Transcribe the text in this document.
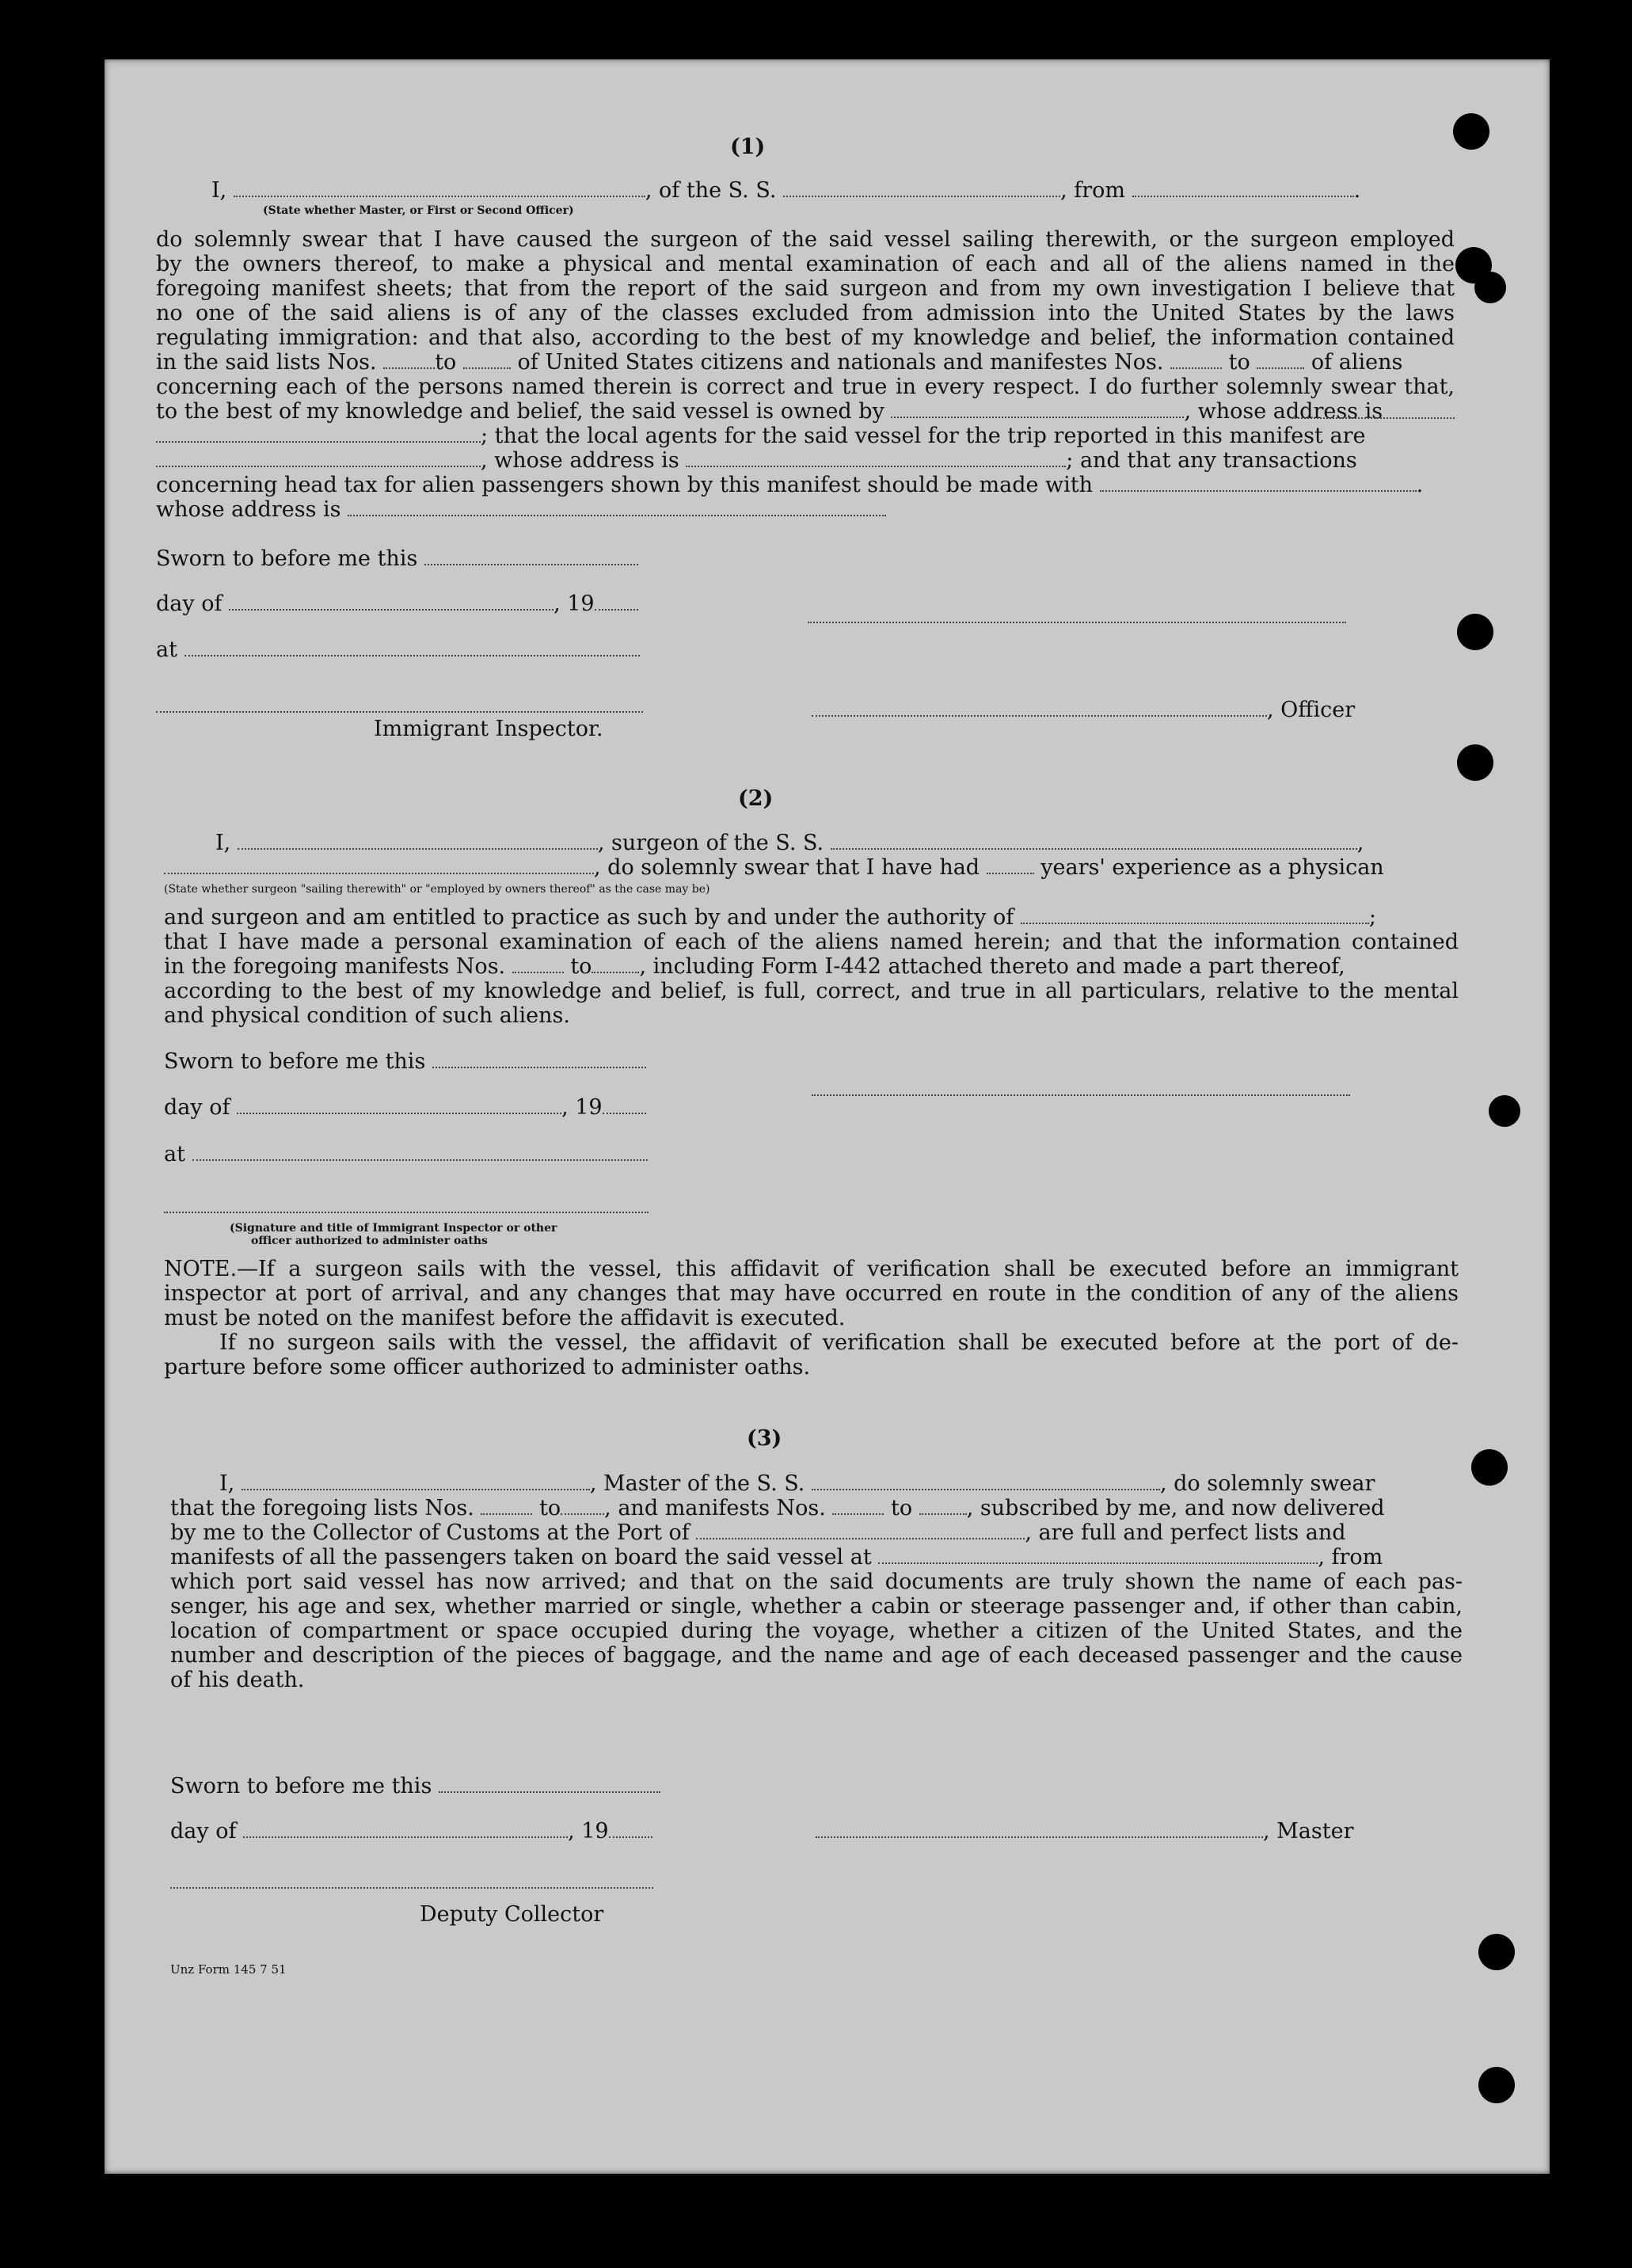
(1)
I,	, of the S. S.	, from	.
(State whether Master, or First or Second Officer)
do solemnly swear that I have caused the surgeon of the said vessel sailing therewith, or the surgeon employed
by the owners thereof, to make a physical and mental examination of each and all of the aliens named in the
foregoing manifest sheets; that from the report of the said surgeon and from my own investigation I believe that
no one of the said aliens is of any of the classes excluded from admission into the United States by the laws
regulating immigration: and that also, according to the best of my knowledge and belief, the information contained
in the said lists Nos.	to	of United States citizens and nationals and manifestes Nos.	to	of aliens
concerning each of the persons named therein is correct and true in every respect. I do further solemnly swear that,
to the best of my knowledge and belief, the said vessel is owned by	, whose address is
; that the local agents for the said vessel for the trip reported in this manifest are
, whose address is	; and that any transactions
concerning head tax for alien passengers shown by this manifest should be made with	.
whose address is
Sworn to before me this
day of	, 19
at
, Officer
Immigrant Inspector.
(2)
I,	, surgeon of the S. S.	,
, do solemnly swear that I have had	years' experience as a physican
(State whether surgeon "sailing therewith" or "employed by owners thereof" as the case may be)
and surgeon and am entitled to practice as such by and under the authority of	;
that I have made a personal examination of each of the aliens named herein; and that the information contained
in the foregoing manifests Nos.	to , including Form I-442 attached thereto and made a part thereof,
according to the best of my knowledge and belief, is full, correct, and true in all particulars, relative to the mental
and physical condition of such aliens.
Sworn to before me this
day of	, 19
at
(Signature and title of Immigrant Inspector or other
officer authorized to administer oaths
NOTE.—If a surgeon sails with the vessel, this affidavit of verification shall be executed before an immigrant
inspector at port of arrival, and any changes that may have occurred en route in the condition of any of the aliens
must be noted on the manifest before the affidavit is executed.
If no surgeon sails with the vessel, the affidavit of verification shall be executed before at the port of de-
parture before some officer authorized to administer oaths.
(3)
I,	, Master of the S. S.	, do solemnly swear
that the foregoing lists Nos.	to , and manifests Nos.	to	, subscribed by me, and now delivered
by me to the Collector of Customs at the Port of	, are full and perfect lists and
manifests of all the passengers taken on board the said vessel at	, from
which port said vessel has now arrived; and that on the said documents are truly shown the name of each pas-
senger, his age and sex, whether married or single, whether a cabin or steerage passenger and, if other than cabin,
location of compartment or space occupied during the voyage, whether a citizen of the United States, and the
number and description of the pieces of baggage, and the name and age of each deceased passenger and the cause
of his death.
Sworn to before me this
day of	, 19	, Master
Deputy Collector
Unz Form 145 7 51
